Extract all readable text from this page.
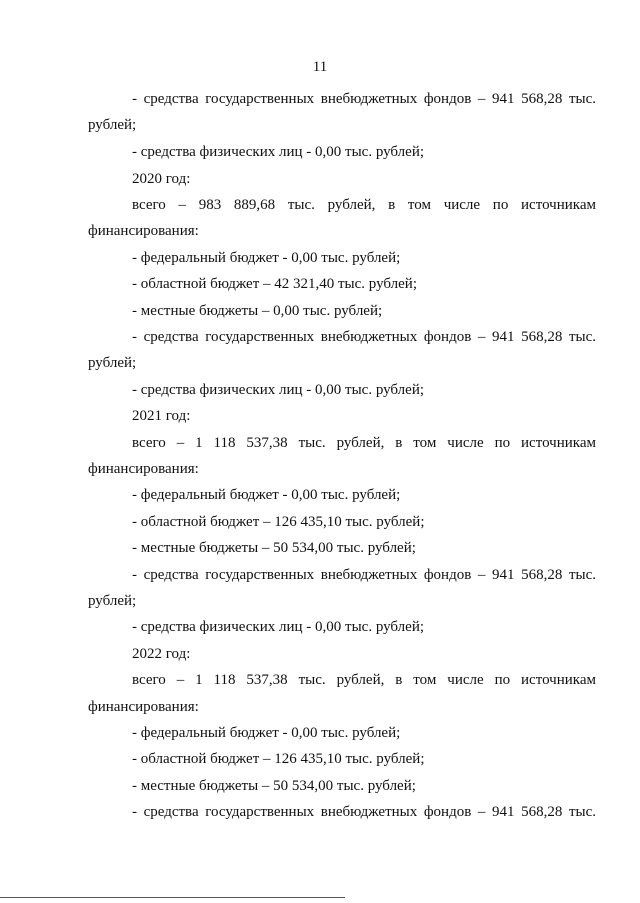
11
- средства государственных внебюджетных фондов – 941 568,28 тыс.
рублей;
- средства физических лиц - 0,00 тыс. рублей;
2020 год:
всего – 983 889,68 тыс. рублей, в том числе по источникам
финансирования:
- федеральный бюджет - 0,00 тыс. рублей;
- областной бюджет – 42 321,40 тыс. рублей;
- местные бюджеты – 0,00 тыс. рублей;
- средства государственных внебюджетных фондов – 941 568,28 тыс.
рублей;
- средства физических лиц - 0,00 тыс. рублей;
2021 год:
всего – 1 118 537,38 тыс. рублей, в том числе по источникам
финансирования:
- федеральный бюджет - 0,00 тыс. рублей;
- областной бюджет – 126 435,10 тыс. рублей;
- местные бюджеты – 50 534,00 тыс. рублей;
- средства государственных внебюджетных фондов – 941 568,28 тыс.
рублей;
- средства физических лиц - 0,00 тыс. рублей;
2022 год:
всего – 1 118 537,38 тыс. рублей, в том числе по источникам
финансирования:
- федеральный бюджет - 0,00 тыс. рублей;
- областной бюджет – 126 435,10 тыс. рублей;
- местные бюджеты – 50 534,00 тыс. рублей;
- средства государственных внебюджетных фондов – 941 568,28 тыс.
